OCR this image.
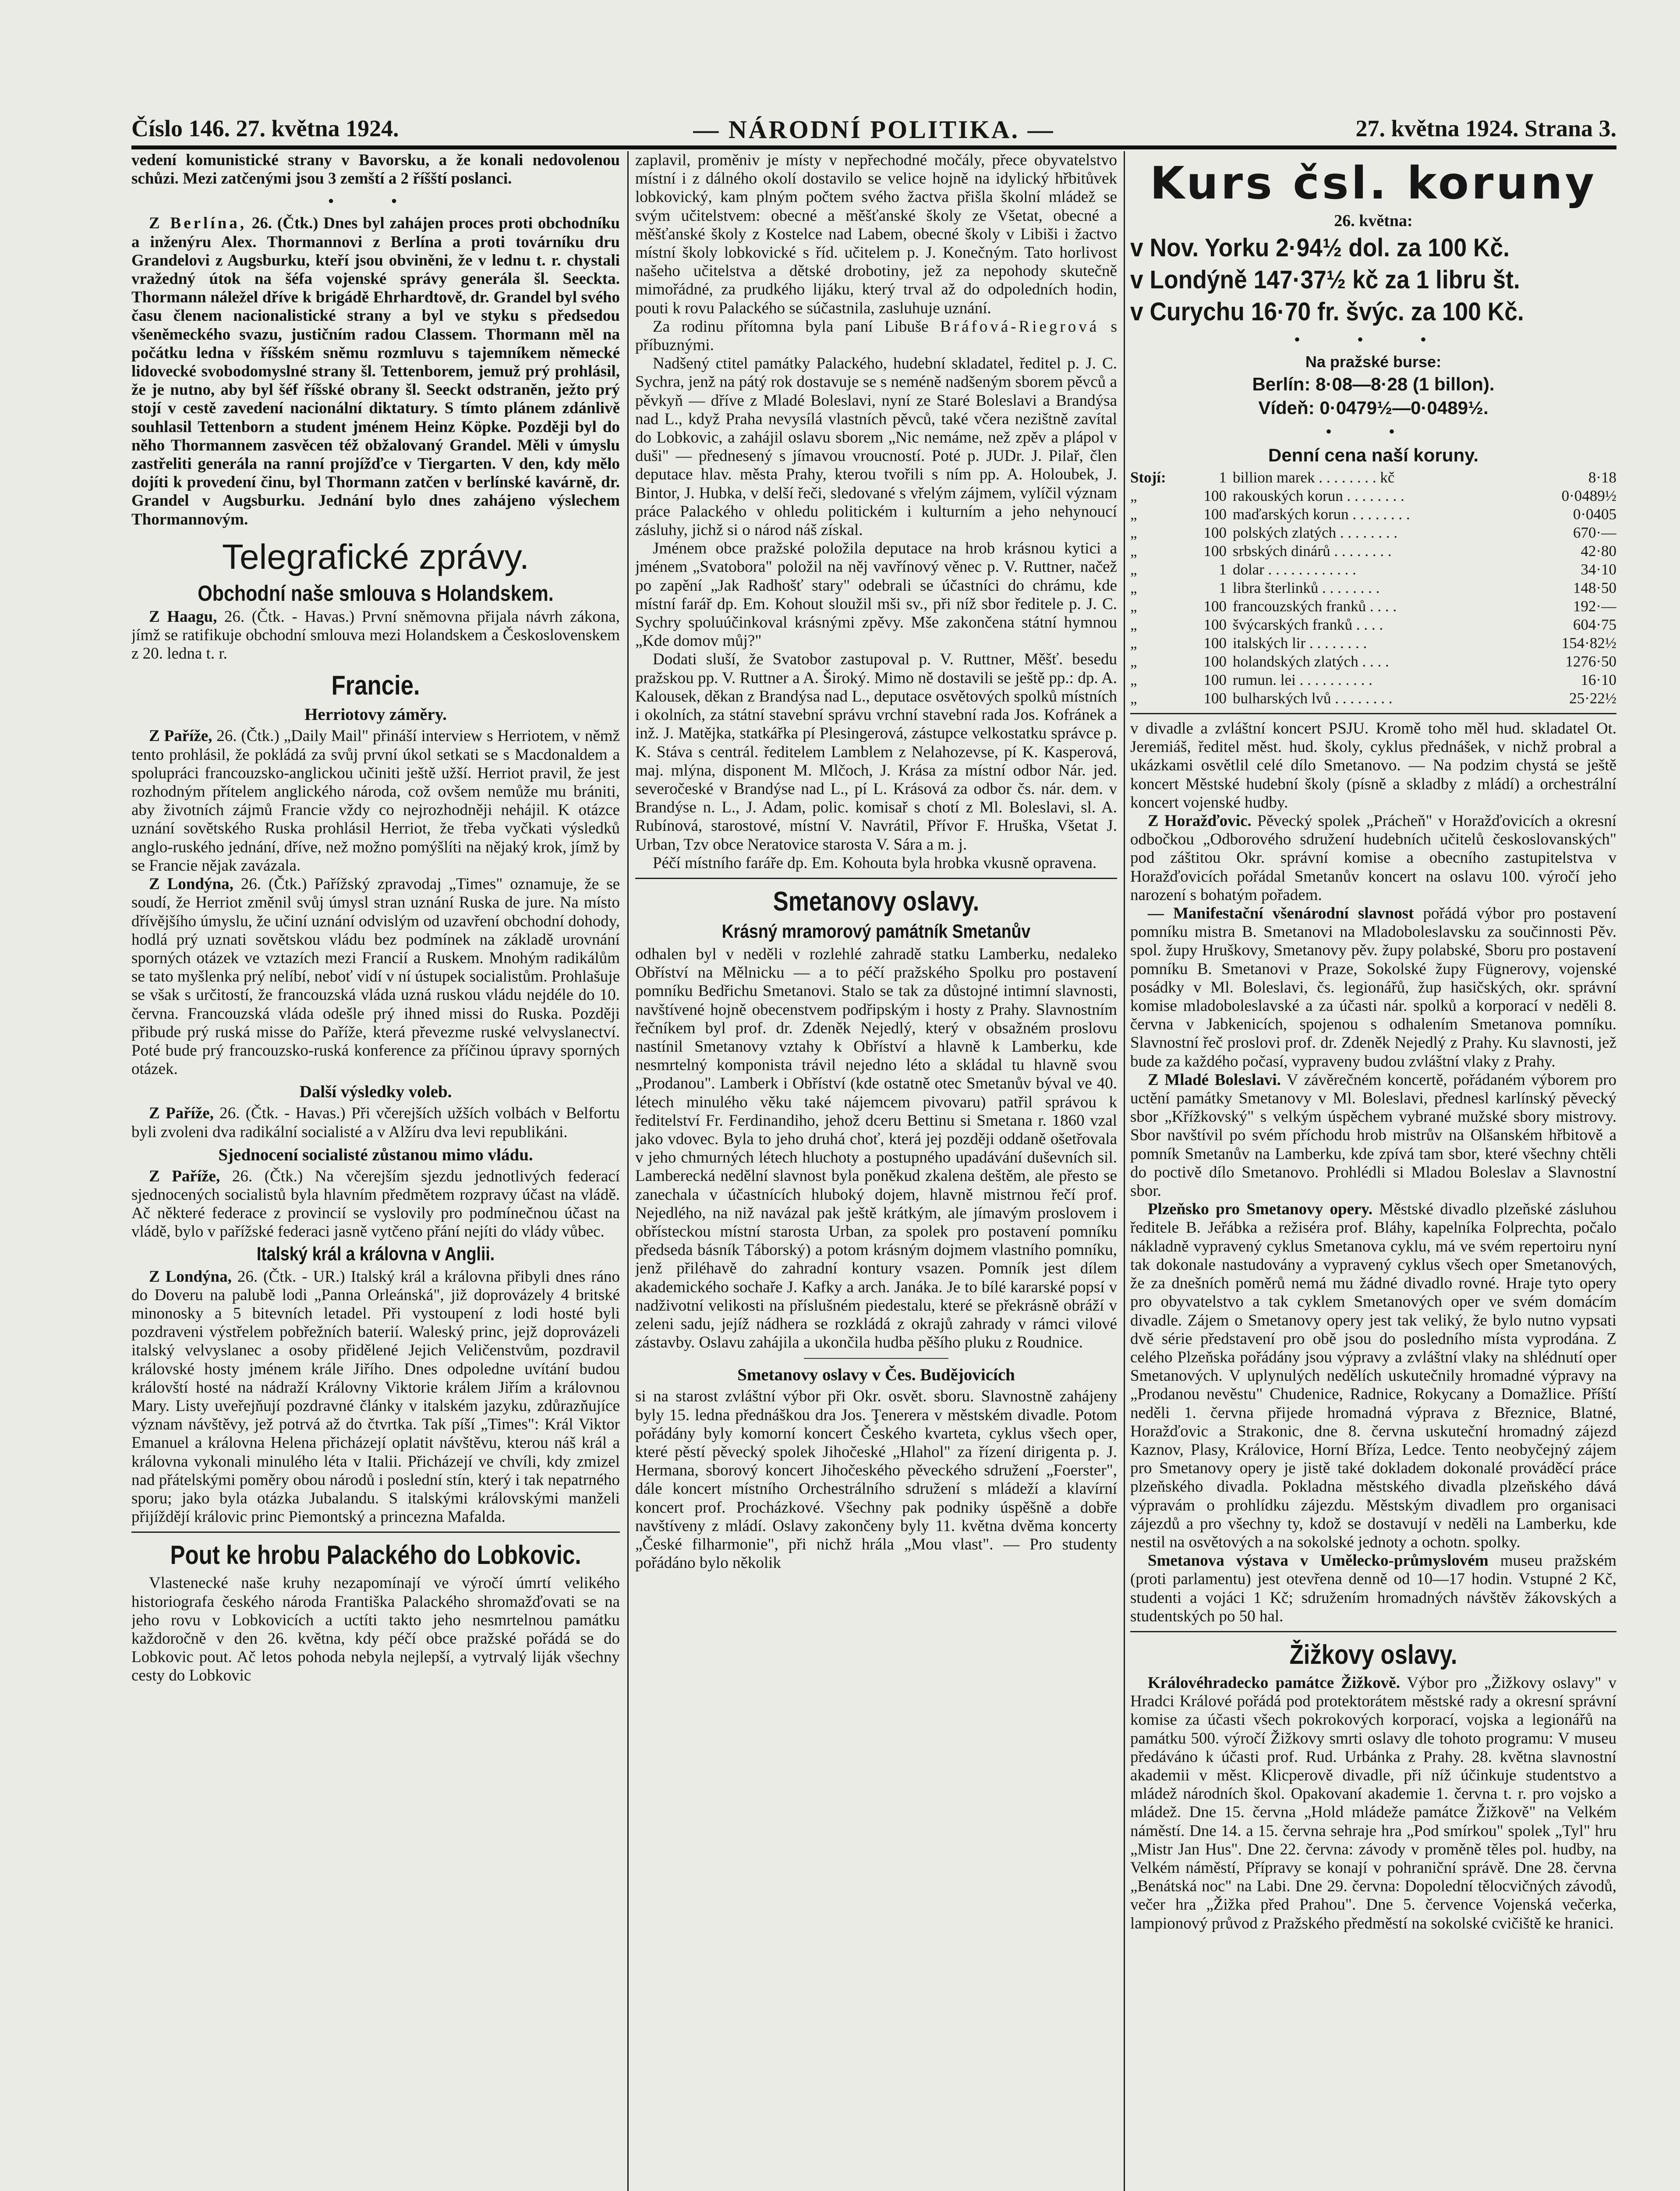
Číslo 146. 27. května 1924.	— NÁRODNÍ POLITIKA. —	27. května 1924. Strana 3.

vedení komunistické strany v Bavorsku, a že konali nedovolenou schůzi. Mezi zatčenými jsou 3 zemští a 2 říšští poslanci.

• •

Z Berlína, 26. (Čtk.) Dnes byl zahájen proces proti obchodníku a inženýru Alex. Thormannovi z Berlína a proti továrníku dru Grandelovi z Augsburku, kteří jsou obviněni, že v lednu t. r. chystali vražedný útok na šéfa vojenské správy generála šl. Seeckta. Thormann náležel dříve k brigádě Ehrhardtově, dr. Grandel byl svého času členem nacionalistické strany a byl ve styku s předsedou všeněmeckého svazu, justičním radou Classem. Thormann měl na počátku ledna v říšském sněmu rozmluvu s tajemníkem německé lidovecké svobodomyslné strany šl. Tettenborem, jemuž prý prohlásil, že je nutno, aby byl šéf říšské obrany šl. Seeckt odstraněn, ježto prý stojí v cestě zavedení nacionální diktatury. S tímto plánem zdánlivě souhlasil Tettenborn a student jménem Heinz Köpke. Později byl do něho Thormannem zasvěcen též obžalovaný Grandel. Měli v úmyslu zastřeliti generála na ranní projížďce v Tiergarten. V den, kdy mělo dojíti k provedení činu, byl Thormann zatčen v berlínské kavárně, dr. Grandel v Augsburku. Jednání bylo dnes zahájeno výslechem Thormannovým.

Telegrafické zprávy.
Obchodní naše smlouva s Holandskem.

Z Haagu, 26. (Čtk. - Havas.) První sněmovna přijala návrh zákona, jímž se ratifikuje obchodní smlouva mezi Holandskem a Československem z 20. ledna t. r.

Francie.
Herriotovy záměry.

Z Paříže, 26. (Čtk.) „Daily Mail" přináší interview s Herriotem, v němž tento prohlásil, že pokládá za svůj první úkol setkati se s Macdonaldem a spolupráci francouzsko-anglickou učiniti ještě užší. Herriot pravil, že jest rozhodným přítelem anglického národa, což ovšem nemůže mu brániti, aby životních zájmů Francie vždy co nejrozhodněji nehájil. K otázce uznání sovětského Ruska prohlásil Herriot, že třeba vyčkati výsledků anglo-ruského jednání, dříve, než možno pomýšlíti na nějaký krok, jímž by se Francie nějak zavázala.

Z Londýna, 26. (Čtk.) Pařížský zpravodaj „Times" oznamuje, že se soudí, že Herriot změnil svůj úmysl stran uznání Ruska de jure. Na místo dřívějšího úmyslu, že učiní uznání odvislým od uzavření obchodní dohody, hodlá prý uznati sovětskou vládu bez podmínek na základě urovnání sporných otázek ve vztazích mezi Francií a Ruskem. Mnohým radikálům se tato myšlenka prý nelíbí, neboť vidí v ní ústupek socialistům. Prohlašuje se však s určitostí, že francouzská vláda uzná ruskou vládu nejdéle do 10. června. Francouzská vláda odešle prý ihned missi do Ruska. Později přibude prý ruská misse do Paříže, která převezme ruské velvyslanectví. Poté bude prý francouzsko-ruská konference za příčinou úpravy sporných otázek.

Další výsledky voleb.

Z Paříže, 26. (Čtk. - Havas.) Při včerejších užších volbách v Belfortu byli zvoleni dva radikální socialisté a v Alžíru dva levi republikáni.

Sjednocení socialisté zůstanou mimo vládu.

Z Paříže, 26. (Čtk.) Na včerejším sjezdu jednotlivých federací sjednocených socialistů byla hlavním předmětem rozpravy účast na vládě. Ač některé federace z provincií se vyslovily pro podmínečnou účast na vládě, bylo v pařížské federaci jasně vytčeno přání nejíti do vlády vůbec.

Italský král a královna v Anglii.

Z Londýna, 26. (Čtk. - UR.) Italský král a královna přibyli dnes ráno do Doveru na palubě lodi „Panna Orleánská", již doprovázely 4 britské minonosky a 5 bitevních letadel. Při vystoupení z lodi hosté byli pozdraveni výstřelem pobřežních baterií. Waleský princ, jejž doprovázeli italský velvyslanec a osoby přidělené Jejich Veličenstvům, pozdravil královské hosty jménem krále Jiřího. Dnes odpoledne uvítání budou královští hosté na nádraží Královny Viktorie králem Jiřím a královnou Mary. Listy uveřejňují pozdravné články v italském jazyku, zdůrazňujíce význam návštěvy, jež potrvá až do čtvrtka. Tak píší „Times": Král Viktor Emanuel a královna Helena přicházejí oplatit návštěvu, kterou náš král a královna vykonali minulého léta v Italii. Přicházejí ve chvíli, kdy zmizel nad přátelskými poměry obou národů i poslední stín, který i tak nepatrného sporu; jako byla otázka Jubalandu. S italskými královskými manželi přijíždějí královic princ Piemontský a princezna Mafalda.

Pout ke hrobu Palackého do Lobkovic.

Vlastenecké naše kruhy nezapomínají ve výročí úmrtí velikého historiografa českého národa Františka Palackého shromažďovati se na jeho rovu v Lobkovicích a uctíti takto jeho nesmrtelnou památku každoročně v den 26. května, kdy péčí obce pražské pořádá se do Lobkovic pout. Ač letos pohoda nebyla nejlepší, a vytrvalý liják všechny cesty do Lobkovic

zaplavil, proměniv je místy v nepřechodné močály, přece obyvatelstvo místní i z dálného okolí dostavilo se velice hojně na idylický hřbitůvek lobkovický, kam plným počtem svého žactva přišla školní mládež se svým učitelstvem: obecné a měšťanské školy ze Všetat, obecné a měšťanské školy z Kostelce nad Labem, obecné školy v Libiši i žactvo místní školy lobkovické s říd. učitelem p. J. Konečným. Tato horlivost našeho učitelstva a dětské drobotiny, jež za nepohody skutečně mimořádné, za prudkého lijáku, který trval až do odpoledních hodin, pouti k rovu Palackého se súčastnila, zasluhuje uznání.

Za rodinu přítomna byla paní Libuše Bráfová-Riegrová s příbuznými.

Nadšený ctitel památky Palackého, hudební skladatel, ředitel p. J. C. Sychra, jenž na pátý rok dostavuje se s neméně nadšeným sborem pěvců a pěvkyň — dříve z Mladé Boleslavi, nyní ze Staré Boleslavi a Brandýsa nad L., když Praha nevysílá vlastních pěvců, také včera nezištně zavítal do Lobkovic, a zahájil oslavu sborem „Nic nemáme, než zpěv a plápol v duši" — přednesený s jímavou vroucností. Poté p. JUDr. J. Pilař, člen deputace hlav. města Prahy, kterou tvořili s ním pp. A. Holoubek, J. Bintor, J. Hubka, v delší řeči, sledované s vřelým zájmem, vylíčil význam práce Palackého v ohledu politickém i kulturním a jeho nehynoucí zásluhy, jichž si o národ náš získal.

Jménem obce pražské položila deputace na hrob krásnou kytici a jménem „Svatobora" položil na něj vavřínový věnec p. V. Ruttner, načež po zapění „Jak Radhošť stary" odebrali se účastníci do chrámu, kde místní farář dp. Em. Kohout sloužil mši sv., při níž sbor ředitele p. J. C. Sychry spoluúčinkoval krásnými zpěvy. Mše zakončena státní hymnou „Kde domov můj?"

Dodati sluší, že Svatobor zastupoval p. V. Ruttner, Měšť. besedu pražskou pp. V. Ruttner a A. Široký. Mimo ně dostavili se ještě pp.: dp. A. Kalousek, děkan z Brandýsa nad L., deputace osvětových spolků místních i okolních, za státní stavební správu vrchní stavební rada Jos. Kofránek a inž. J. Matějka, statkářka pí Plesingerová, zástupce velkostatku správce p. K. Stáva s centrál. ředitelem Lamblem z Nelahozevse, pí K. Kasperová, maj. mlýna, disponent M. Mlčoch, J. Krása za místní odbor Nár. jed. severočeské v Brandýse nad L., pí L. Krásová za odbor čs. nár. dem. v Brandýse n. L., J. Adam, polic. komisař s chotí z Ml. Boleslavi, sl. A. Rubínová, starostové, místní V. Navrátil, Přívor F. Hruška, Všetat J. Urban, Tzv obce Neratovice starosta V. Sára a m. j.

Péčí místního faráře dp. Em. Kohouta byla hrobka vkusně opravena.

Smetanovy oslavy.
Krásný mramorový památník Smetanův

odhalen byl v neděli v rozlehlé zahradě statku Lamberku, nedaleko Obříství na Mělnicku — a to péčí pražského Spolku pro postavení pomníku Bedřichu Smetanovi. Stalo se tak za důstojné intimní slavnosti, navštívené hojně obecenstvem podřipským i hosty z Prahy. Slavnostním řečníkem byl prof. dr. Zdeněk Nejedlý, který v obsažném proslovu nastínil Smetanovy vztahy k Obříství a hlavně k Lamberku, kde nesmrtelný komponista trávil nejedno léto a skládal tu hlavně svou „Prodanou". Lamberk i Obříství (kde ostatně otec Smetanův býval ve 40. létech minulého věku také nájemcem pivovaru) patřil správou k ředitelství Fr. Ferdinandiho, jehož dceru Bettinu si Smetana r. 1860 vzal jako vdovec. Byla to jeho druhá choť, která jej později oddaně ošetřovala v jeho chmurných létech hluchoty a postupného upadávání duševních sil. Lamberecká nedělní slavnost byla poněkud zkalena deštěm, ale přesto se zanechala v účastnících hluboký dojem, hlavně mistrnou řečí prof. Nejedlého, na niž navázal pak ještě krátkým, ale jímavým proslovem i obřísteckou místní starosta Urban, za spolek pro postavení pomníku předseda básník Táborský) a potom krásným dojmem vlastního pomníku, jenž přiléhavě do zahradní kontury vsazen. Pomník jest dílem akademického sochaře J. Kafky a arch. Janáka. Je to bílé kararské popsí v nadživotní velikosti na příslušném piedestalu, které se překrásně obráží v zeleni sadu, jejíž nádhera se rozkládá z okrajů zahrady v rámci vilové zástavby. Oslavu zahájila a ukončila hudba pěšího pluku z Roudnice.

Smetanovy oslavy v Čes. Budějovicích

si na starost zvláštní výbor při Okr. osvět. sboru. Slavnostně zahájeny byly 15. ledna přednáškou dra Jos. Ţenerera v městském divadle. Potom pořádány byly komorní koncert Českého kvarteta, cyklus všech oper, které pěstí pěvecký spolek Jihočeské „Hlahol" za řízení dirigenta p. J. Hermana, sborový koncert Jihočeského pěveckého sdružení „Foerster", dále koncert místního Orchestrálního sdružení s mládeží a klavírní koncert prof. Procházkové. Všechny pak podniky úspěšně a dobře navštíveny z mládí. Oslavy zakončeny byly 11. května dvěma koncerty „České filharmonie", při nichž hrála „Mou vlast". — Pro studenty pořádáno bylo několik

Kurs čsl. koruny
26. května:
v Nov. Yorku 2·94½ dol. za 100 Kč.
v Londýně 147·37½ kč za 1 libru št.
v Curychu 16·70 fr. švýc. za 100 Kč.
• • •
Na pražské burse:
Berlín: 8·08—8·28 (1 billon).
Vídeň: 0·0479½—0·0489½.
• •
Denní cena naší koruny.
Stojí:	1	billion marek . . . . . . . . kč	8·18
„	100	rakouských korun . . . . . . . .	0·0489½
„	100	maďarských korun . . . . . . . .	0·0405
„	100	polských zlatých . . . . . . . .	670·—
„	100	srbských dinárů . . . . . . . .	42·80
„	1	dolar . . . . . . . . . . . .	34·10
„	1	libra šterlinků . . . . . . . .	148·50
„	100	francouzských franků . . . .	192·—
„	100	švýcarských franků . . . .	604·75
„	100	italských lir . . . . . . . .	154·82½
„	100	holandských zlatých . . . .	1276·50
„	100	rumun. lei . . . . . . . . . .	16·10
„	100	bulharských lvů . . . . . . . .	25·22½

v divadle a zvláštní koncert PSJU. Kromě toho měl hud. skladatel Ot. Jeremiáš, ředitel měst. hud. školy, cyklus přednášek, v nichž probral a ukázkami osvětlil celé dílo Smetanovo. — Na podzim chystá se ještě koncert Městské hudební školy (písně a skladby z mládí) a orchestrální koncert vojenské hudby.

Z Horažďovic. Pěvecký spolek „Prácheň" v Horažďovicích a okresní odbočkou „Odborového sdružení hudebních učitelů českoslovanských" pod záštitou Okr. správní komise a obecního zastupitelstva v Horažďovicích pořádal Smetanův koncert na oslavu 100. výročí jeho narození s bohatým pořadem.

— Manifestační všenárodní slavnost pořádá výbor pro postavení pomníku mistra B. Smetanovi na Mladoboleslavsku za součinnosti Pěv. spol. župy Hruškovy, Smetanovy pěv. župy polabské, Sboru pro postavení pomníku B. Smetanovi v Praze, Sokolské župy Fügnerovy, vojenské posádky v Ml. Boleslavi, čs. legionářů, žup hasičských, okr. správní komise mladoboleslavské a za účasti nár. spolků a korporací v neděli 8. června v Jabkenicích, spojenou s odhalením Smetanova pomníku. Slavnostní řeč proslovi prof. dr. Zdeněk Nejedlý z Prahy. Ku slavnosti, jež bude za každého počasí, vypraveny budou zvláštní vlaky z Prahy.

Z Mladé Boleslavi. V závěrečném koncertě, pořádaném výborem pro uctění památky Smetanovy v Ml. Boleslavi, přednesl karlínský pěvecký sbor „Křížkovský" s velkým úspěchem vybrané mužské sbory mistrovy. Sbor navštívil po svém příchodu hrob mistrův na Olšanském hřbitově a pomník Smetanův na Lamberku, kde zpívá tam sbor, které všechny chtěli do poctivě dílo Smetanovo. Prohlédli si Mladou Boleslav a Slavnostní sbor.

Plzeňsko pro Smetanovy opery. Městské divadlo plzeňské zásluhou ředitele B. Jeřábka a režiséra prof. Bláhy, kapelníka Folprechta, počalo nákladně vypravený cyklus Smetanova cyklu, má ve svém repertoiru nyní tak dokonale nastudovány a vypravený cyklus všech oper Smetanových, že za dnešních poměrů nemá mu žádné divadlo rovné. Hraje tyto opery pro obyvatelstvo a tak cyklem Smetanových oper ve svém domácím divadle. Zájem o Smetanovy opery jest tak veliký, že bylo nutno vypsati dvě série představení pro obě jsou do posledního místa vyprodána. Z celého Plzeňska pořádány jsou výpravy a zvláštní vlaky na shlédnutí oper Smetanových. V uplynulých nedělích uskutečnily hromadné výpravy na „Prodanou nevěstu" Chudenice, Radnice, Rokycany a Domažlice. Příští neděli 1. června přijede hromadná výprava z Březnice, Blatné, Horažďovic a Strakonic, dne 8. června uskuteční hromadný zájezd Kaznov, Plasy, Královice, Horní Bříza, Ledce. Tento neobyčejný zájem pro Smetanovy opery je jistě také dokladem dokonalé prováděcí práce plzeňského divadla. Pokladna městského divadla plzeňského dává výpravám o prohlídku zájezdu. Městským divadlem pro organisaci zájezdů a pro všechny ty, kdož se dostavují v neděli na Lamberku, kde nestil na osvětových a na sokolské jednoty a ochotn. spolky.

Smetanova výstava v Umělecko-průmyslovém museu pražském (proti parlamentu) jest otevřena denně od 10—17 hodin. Vstupné 2 Kč, studenti a vojáci 1 Kč; sdružením hromadných návštěv žákovských a studentských po 50 hal.

Žižkovy oslavy.

Královéhradecko památce Žižkově. Výbor pro „Žižkovy oslavy" v Hradci Králové pořádá pod protektorátem městské rady a okresní správní komise za účasti všech pokrokových korporací, vojska a legionářů na památku 500. výročí Žižkovy smrti oslavy dle tohoto programu: V museu předáváno k účasti prof. Rud. Urbánka z Prahy. 28. května slavnostní akademii v měst. Klicperově divadle, při níž účinkuje studentstvo a mládež národních škol. Opakovaní akademie 1. června t. r. pro vojsko a mládež. Dne 15. června „Hold mládeže památce Žižkově" na Velkém náměstí. Dne 14. a 15. června sehraje hra „Pod smírkou" spolek „Tyl" hru „Mistr Jan Hus". Dne 22. června: závody v proměně těles pol. hudby, na Velkém náměstí, Přípravy se konají v pohraniční správě. Dne 28. června „Benátská noc" na Labi. Dne 29. června: Dopolední tělocvičných závodů, večer hra „Žižka před Prahou". Dne 5. července Vojenská večerka, lampionový průvod z Pražského předměstí na sokolské cvičiště ke hranici.
